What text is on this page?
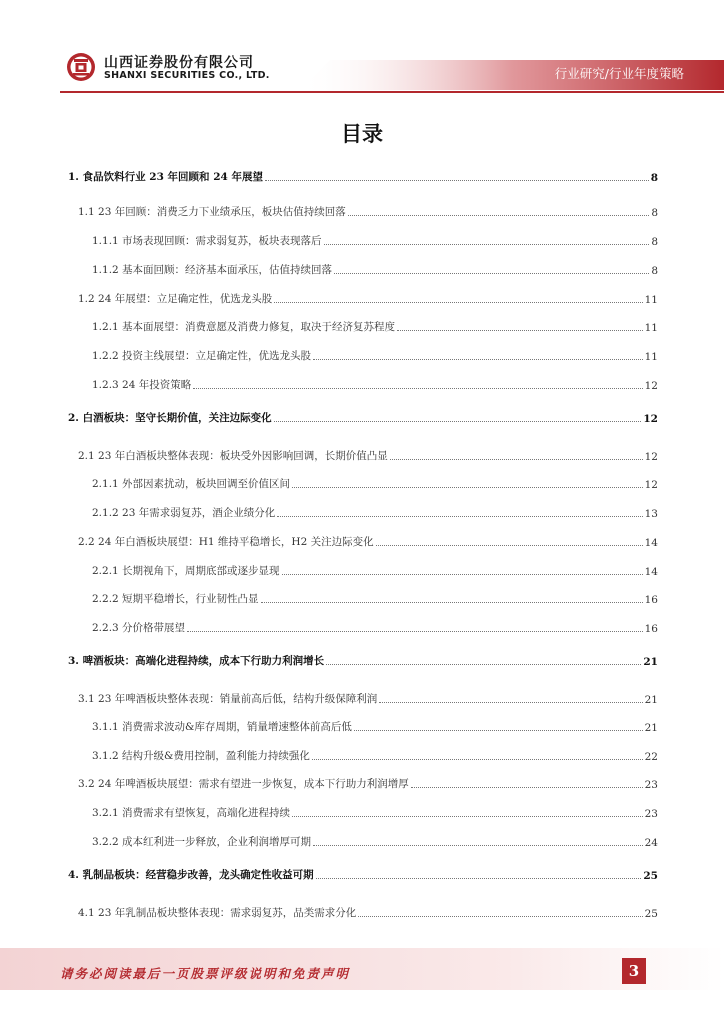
山西证券股份有限公司
SHANXI SECURITIES CO., LTD.	行业研究/行业年度策略
目录
1. 食品饮料行业 23 年回顾和 24 年展望	8
1.1 23 年回顾：消费乏力下业绩承压，板块估值持续回落	8
1.1.1 市场表现回顾：需求弱复苏，板块表现落后	8
1.1.2 基本面回顾：经济基本面承压，估值持续回落	8
1.2 24 年展望：立足确定性，优选龙头股	11
1.2.1 基本面展望：消费意愿及消费力修复，取决于经济复苏程度	11
1.2.2 投资主线展望：立足确定性，优选龙头股	11
1.2.3 24 年投资策略	12
2. 白酒板块：坚守长期价值，关注边际变化	12
2.1 23 年白酒板块整体表现：板块受外因影响回调，长期价值凸显	12
2.1.1 外部因素扰动，板块回调至价值区间	12
2.1.2 23 年需求弱复苏，酒企业绩分化	13
2.2 24 年白酒板块展望：H1 维持平稳增长，H2 关注边际变化	14
2.2.1 长期视角下，周期底部或逐步显现	14
2.2.2 短期平稳增长，行业韧性凸显	16
2.2.3 分价格带展望	16
3. 啤酒板块：高端化进程持续，成本下行助力利润增长	21
3.1 23 年啤酒板块整体表现：销量前高后低，结构升级保障利润	21
3.1.1 消费需求波动&库存周期，销量增速整体前高后低	21
3.1.2 结构升级&费用控制，盈利能力持续强化	22
3.2 24 年啤酒板块展望：需求有望进一步恢复，成本下行助力利润增厚	23
3.2.1 消费需求有望恢复，高端化进程持续	23
3.2.2 成本红利进一步释放，企业利润增厚可期	24
4. 乳制品板块：经营稳步改善，龙头确定性收益可期	25
4.1 23 年乳制品板块整体表现：需求弱复苏，品类需求分化	25
请务必阅读最后一页股票评级说明和免责声明	3
